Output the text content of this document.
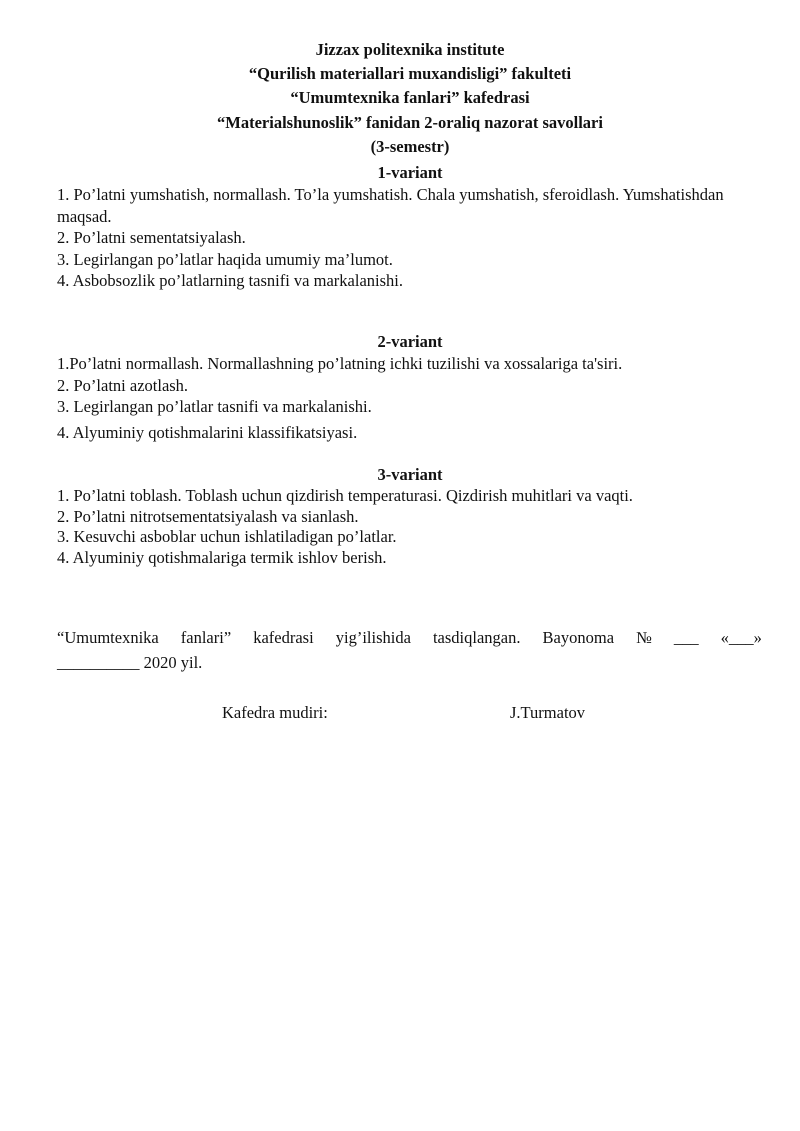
Jizzax politexnika institute
“Qurilish materiallari muxandisligi” fakulteti
“Umumtexnika fanlari” kafedrasi
“Materialshunoslik” fanidan 2-oraliq nazorat savollari
(3-semestr)
1-variant
1. Po’latni yumshatish, normallash. To’la yumshatish. Chala yumshatish, sferoidlash. Yumshatishdan maqsad.
2. Po’latni sementatsiyalash.
3. Legirlangan po’latlar haqida umumiy ma’lumot.
4. Asbobsozlik po’latlarning tasnifi va markalanishi.
2-variant
1.Po’latni normallash. Normallashning po’latning ichki tuzilishi va xossalariga ta'siri.
2. Po’latni azotlash.
3. Legirlangan po’latlar tasnifi va markalanishi.
4. Alyuminiy qotishmalarini klassifikatsiyasi.
3-variant
1. Po’latni toblash. Toblash uchun qizdirish temperaturasi. Qizdirish muhitlari va vaqti.
2. Po’latni nitrotsementatsiyalash va sianlash.
3. Kesuvchi asboblar uchun ishlatiladigan po’latlar.
4. Alyuminiy qotishmalariga termik ishlov berish.
“Umumtexnika fanlari” kafedrasi yig’ilishida tasdiqlangan. Bayonoma № ___ «___»
__________ 2020 yil.
Kafedra mudiri:	J.Turmatov
